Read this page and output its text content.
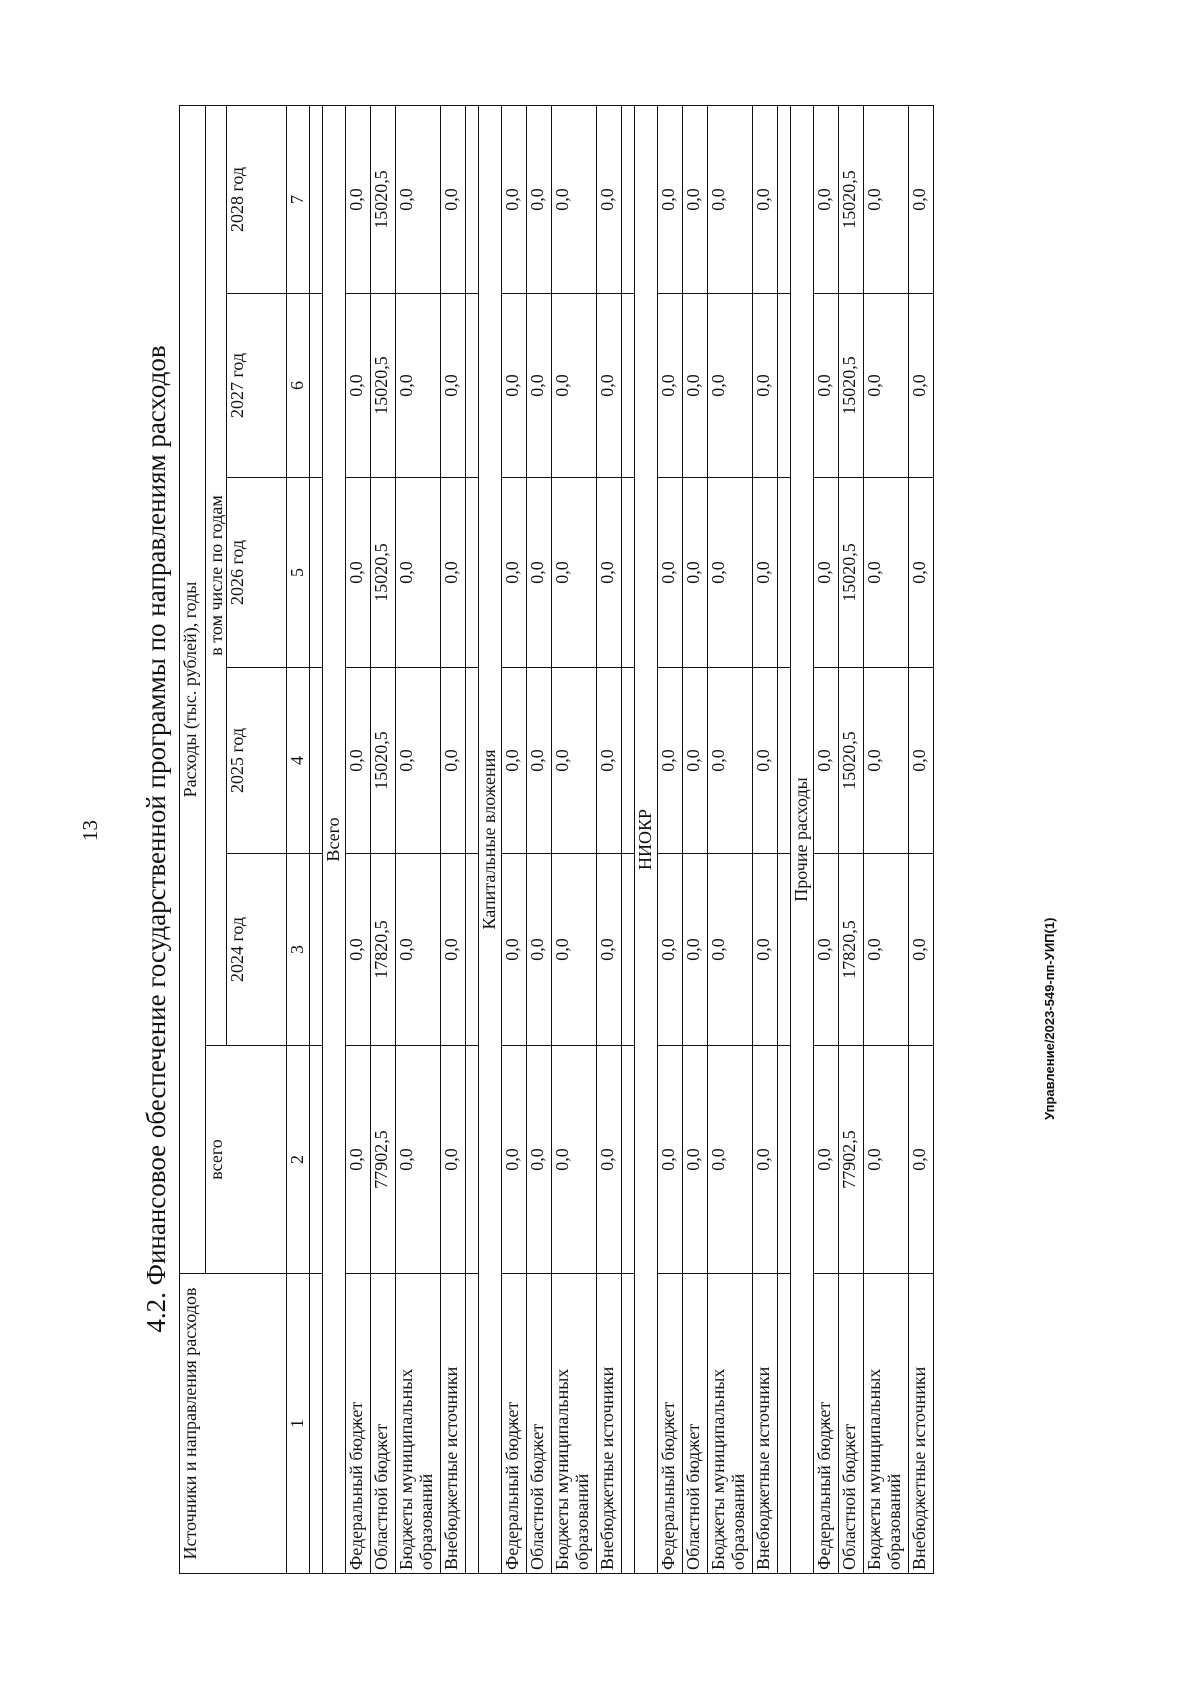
13
Управление/2023-549-пп-УИП(1)
4.2. Финансовое обеспечение государственной программы по направлениям расходов
Источники и направления расходов	Расходы (тыс. рублей), годы					
	всего	в том числе по годам				
		2024 год	2025 год	2026 год	2027 год	2028 год
1	2	3	4	5	6	7

Всего						
Федеральный бюджет	0,0	0,0	0,0	0,0	0,0	0,0
Областной бюджет	77902,5	17820,5	15020,5	15020,5	15020,5	15020,5
Бюджеты муниципальных образований	0,0	0,0	0,0	0,0	0,0	0,0
Внебюджетные источники	0,0	0,0	0,0	0,0	0,0	0,0

Капитальные вложения						
Федеральный бюджет	0,0	0,0	0,0	0,0	0,0	0,0
Областной бюджет	0,0	0,0	0,0	0,0	0,0	0,0
Бюджеты муниципальных образований	0,0	0,0	0,0	0,0	0,0	0,0
Внебюджетные источники	0,0	0,0	0,0	0,0	0,0	0,0

НИОКР						
Федеральный бюджет	0,0	0,0	0,0	0,0	0,0	0,0
Областной бюджет	0,0	0,0	0,0	0,0	0,0	0,0
Бюджеты муниципальных образований	0,0	0,0	0,0	0,0	0,0	0,0
Внебюджетные источники	0,0	0,0	0,0	0,0	0,0	0,0

Прочие расходы						
Федеральный бюджет	0,0	0,0	0,0	0,0	0,0	0,0
Областной бюджет	77902,5	17820,5	15020,5	15020,5	15020,5	15020,5
Бюджеты муниципальных образований	0,0	0,0	0,0	0,0	0,0	0,0
Внебюджетные источники	0,0	0,0	0,0	0,0	0,0	0,0
